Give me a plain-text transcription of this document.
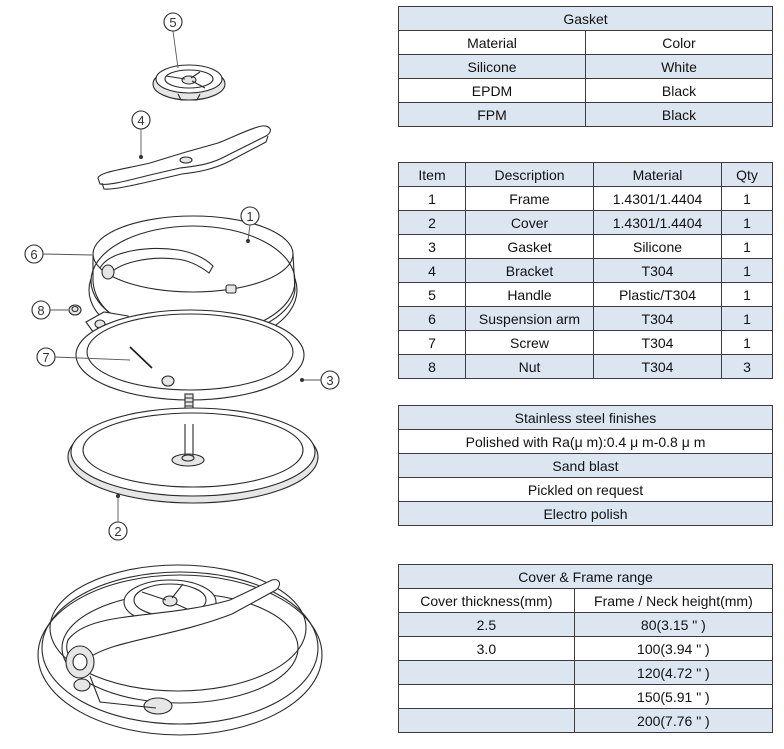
5
4
1
6
8
7
3
2
Gasket	
Material	Color
Silicone	White
EPDM	Black
FPM	Black
Item	Description	Material	Qty
1	Frame	1.4301/1.4404	1
2	Cover	1.4301/1.4404	1
3	Gasket	Silicone	1
4	Bracket	T304	1
5	Handle	Plastic/T304	1
6	Suspension arm	T304	1
7	Screw	T304	1
8	Nut	T304	3
Stainless steel finishes
Polished with Ra(μ m):0.4 μ m-0.8 μ m
Sand blast
Pickled on request
Electro polish
Cover & Frame range	
Cover thickness(mm)	Frame / Neck height(mm)
2.5	80(3.15 " )
3.0	100(3.94 " )
	120(4.72 " )
	150(5.91 " )
	200(7.76 " )
